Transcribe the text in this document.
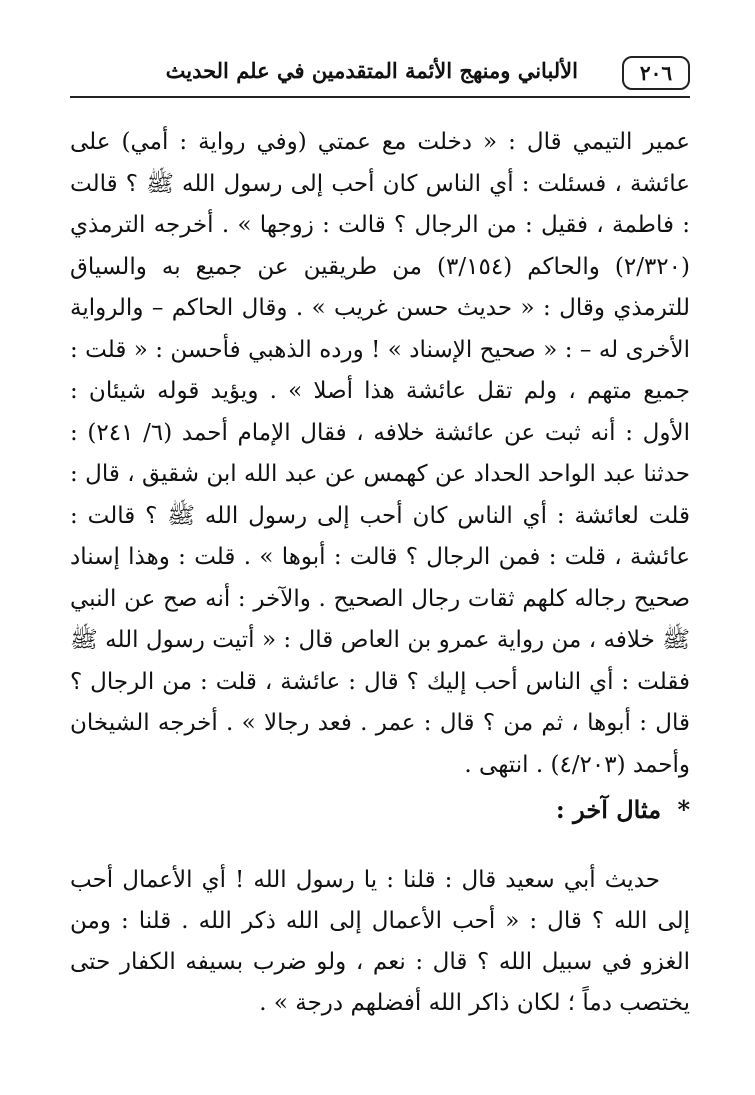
٢٠٦
الألباني ومنهج الأئمة المتقدمين في علم الحديث

عمير التيمي قال : « دخلت مع عمتي (وفي رواية : أمي) على عائشة ، فسئلت : أي الناس كان أحب إلى رسول الله ﷺ ؟ قالت : فاطمة ، فقيل : من الرجال ؟ قالت : زوجها » . أخرجه الترمذي (٢/٣٢٠) والحاكم (٣/١٥٤) من طريقين عن جميع به والسياق للترمذي وقال : « حديث حسن غريب » . وقال الحاكم – والرواية الأخرى له – : « صحيح الإسناد » ! ورده الذهبي فأحسن : « قلت : جميع متهم ، ولم تقل عائشة هذا أصلا » . ويؤيد قوله شيئان : الأول : أنه ثبت عن عائشة خلافه ، فقال الإمام أحمد (٦/ ٢٤١) : حدثنا عبد الواحد الحداد عن كهمس عن عبد الله ابن شقيق ، قال : قلت لعائشة : أي الناس كان أحب إلى رسول الله ﷺ ؟ قالت : عائشة ، قلت : فمن الرجال ؟ قالت : أبوها » . قلت : وهذا إسناد صحيح رجاله كلهم ثقات رجال الصحيح . والآخر : أنه صح عن النبي ﷺ خلافه ، من رواية عمرو بن العاص قال : « أتيت رسول الله ﷺ فقلت : أي الناس أحب إليك ؟ قال : عائشة ، قلت : من الرجال ؟ قال : أبوها ، ثم من ؟ قال : عمر . فعد رجالا » . أخرجه الشيخان وأحمد (٤/٢٠٣) . انتهى .

* مثال آخر :

حديث أبي سعيد قال : قلنا : يا رسول الله ! أي الأعمال أحب إلى الله ؟ قال : « أحب الأعمال إلى الله ذكر الله . قلنا : ومن الغزو في سبيل الله ؟ قال : نعم ، ولو ضرب بسيفه الكفار حتى يختصب دماً ؛ لكان ذاكر الله أفضلهم درجة » .
